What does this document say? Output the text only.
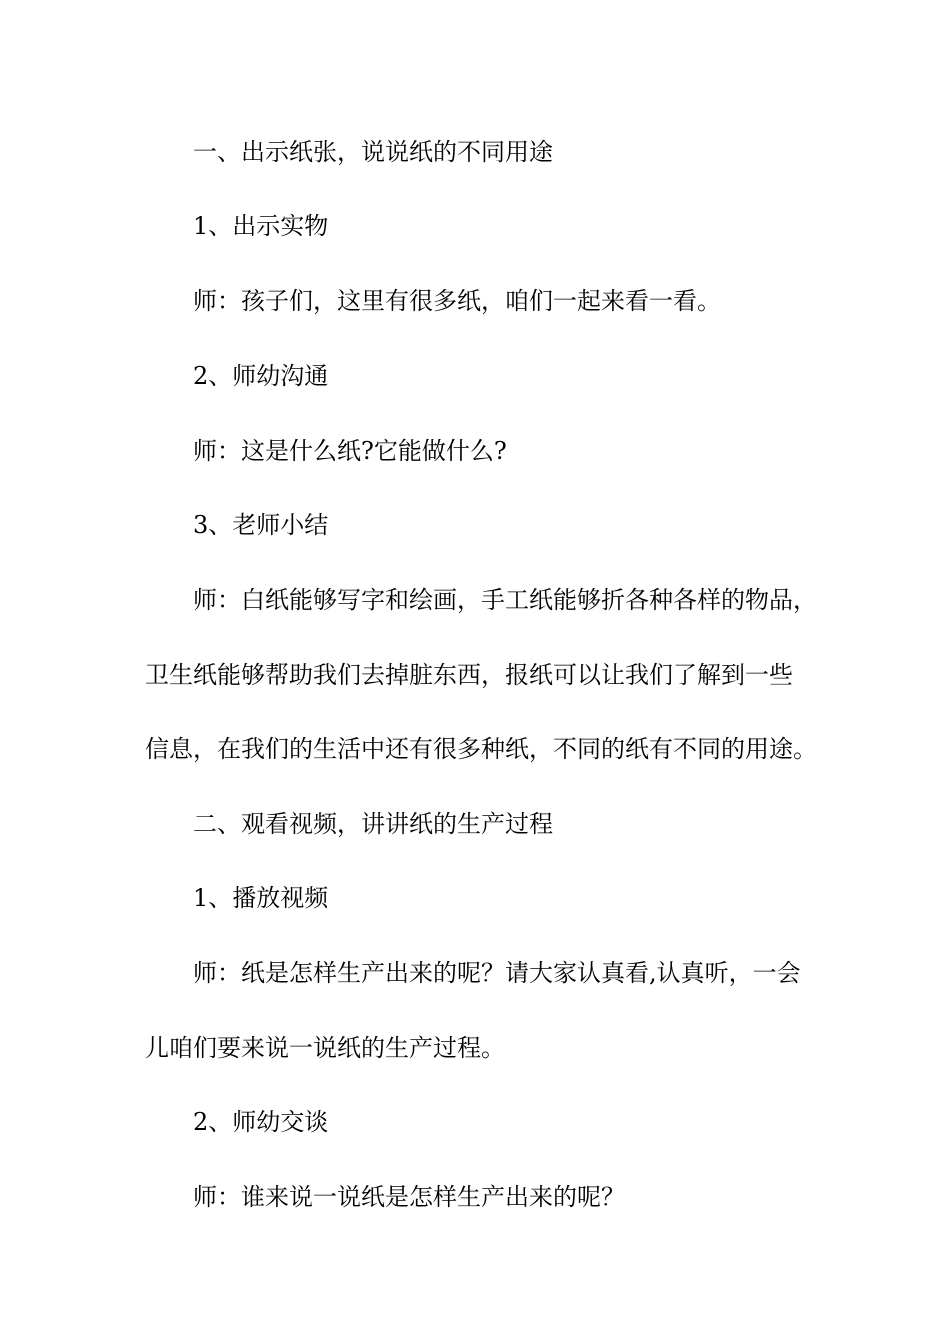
一、出示纸张，说说纸的不同用途
1、出示实物
师：孩子们，这里有很多纸，咱们一起来看一看。
2、师幼沟通
师：这是什么纸?它能做什么?
3、老师小结
师：白纸能够写字和绘画，手工纸能够折各种各样的物品，
卫生纸能够帮助我们去掉脏东西，报纸可以让我们了解到一些
信息，在我们的生活中还有很多种纸，不同的纸有不同的用途。
二、观看视频，讲讲纸的生产过程
1、播放视频
师：纸是怎样生产出来的呢？请大家认真看,认真听，一会
儿咱们要来说一说纸的生产过程。
2、师幼交谈
师：谁来说一说纸是怎样生产出来的呢？
